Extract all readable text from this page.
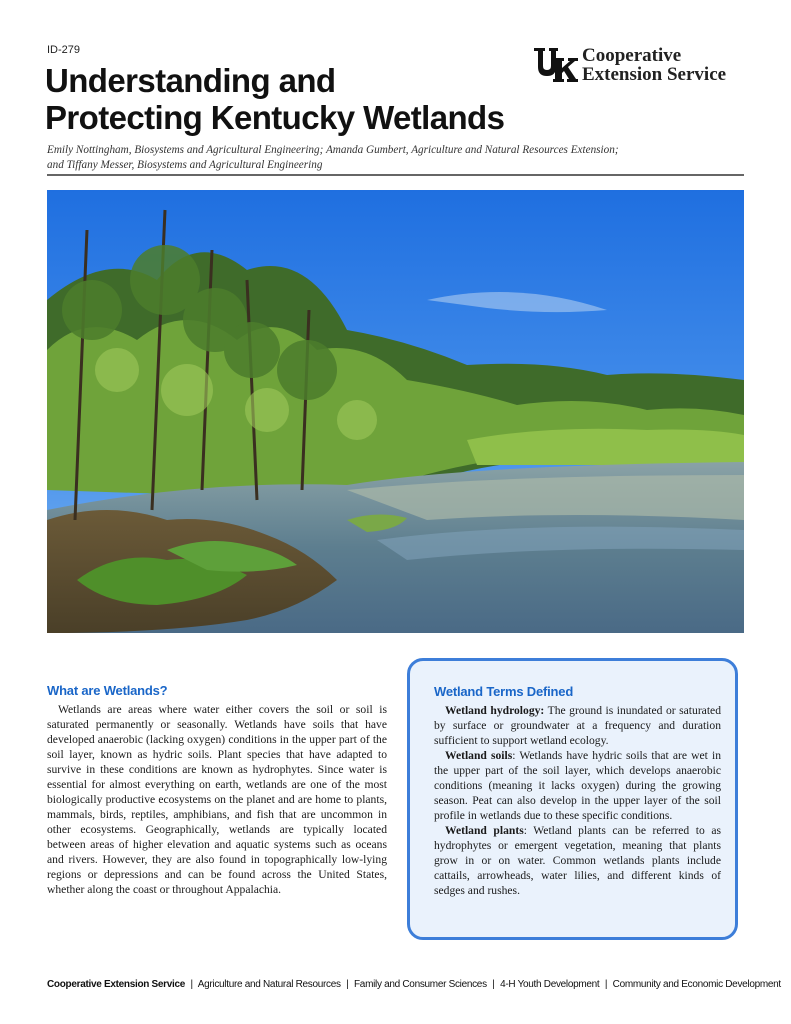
ID-279
Understanding and
Protecting Kentucky Wetlands
Cooperative
Extension Service
Emily Nottingham, Biosystems and Agricultural Engineering; Amanda Gumbert, Agriculture and Natural Resources Extension;
and Tiffany Messer, Biosystems and Agricultural Engineering
What are Wetlands?

Wetlands are areas where water either covers the soil or soil is saturated permanently or seasonally. Wetlands have soils that have developed anaerobic (lacking oxygen) conditions in the upper part of the soil layer, known as hydric soils. Plant species that have adapted to survive in these conditions are known as hydrophytes. Since water is essential for almost everything on earth, wetlands are one of the most biologically productive ecosystems on the planet and are home to plants, mammals, birds, reptiles, amphibians, and fish that are uncommon in other ecosystems. Geographically, wetlands are typically located between areas of higher elevation and aquatic systems such as oceans and rivers. However, they are also found in topographically low-lying regions or depressions and can be found across the United States, whether along the coast or throughout Appalachia.

Wetland Terms Defined

Wetland hydrology: The ground is inundated or saturated by surface or groundwater at a frequency and duration sufficient to support wetland ecology.

Wetland soils: Wetlands have hydric soils that are wet in the upper part of the soil layer, which develops anaerobic conditions (meaning it lacks oxygen) during the growing season. Peat can also develop in the upper layer of the soil profile in wetlands due to these specific conditions.

Wetland plants: Wetland plants can be referred to as hydrophytes or emergent vegetation, meaning that plants grow in or on water. Common wetlands plants include cattails, arrowheads, water lilies, and different kinds of sedges and rushes.

Cooperative Extension Service | Agriculture and Natural Resources | Family and Consumer Sciences | 4-H Youth Development | Community and Economic Development
